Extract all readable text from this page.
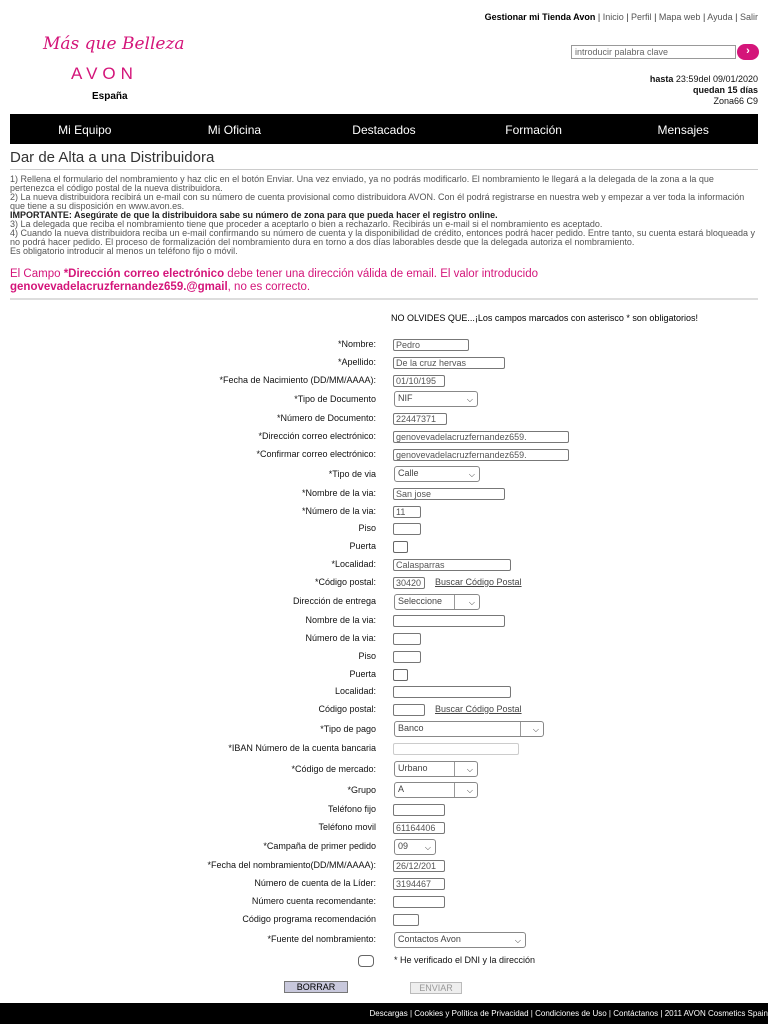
Gestionar mi Tienda Avon | Inicio | Perfil | Mapa web | Ayuda | Salir
Más que Belleza
AVON
España
introducir palabra clave	›
hasta 23:59del 09/01/2020
quedan 15 días
Zona66 C9
Mi Equipo	Mi Oficina	Destacados	Formación	Mensajes
Dar de Alta a una Distribuidora
1) Rellena el formulario del nombramiento y haz clic en el botón Enviar. Una vez enviado, ya no podrás modificarlo. El nombramiento le llegará a la delegada de la zona a la que pertenezca el código postal de la nueva distribuidora.
2) La nueva distribuidora recibirá un e-mail con su número de cuenta provisional como distribuidora AVON. Con él podrá registrarse en nuestra web y empezar a ver toda la información que tiene a su disposición en www.avon.es.
IMPORTANTE: Asegúrate de que la distribuidora sabe su número de zona para que pueda hacer el registro online.
3) La delegada que reciba el nombramiento tiene que proceder a aceptarlo o bien a rechazarlo. Recibirás un e-mail si el nombramiento es aceptado.
4) Cuando la nueva distribuidora reciba un e-mail confirmando su número de cuenta y la disponibilidad de crédito, entonces podrá hacer pedido. Entre tanto, su cuenta estará bloqueada y no podrá hacer pedido. El proceso de formalización del nombramiento dura en torno a dos días laborables desde que la delegada autoriza el nombramiento.
Es obligatorio introducir al menos un teléfono fijo o móvil.
El Campo *Dirección correo electrónico debe tener una dirección válida de email. El valor introducido
genovevadelacruzfernandez659.@gmail, no es correcto.
NO OLVIDES QUE...¡Los campos marcados con asterisco * son obligatorios!
*Nombre:	Pedro
*Apellido:	De la cruz hervas
*Fecha de Nacimiento (DD/MM/AAAA):	01/10/195
*Tipo de Documento	NIF	⌵
*Número de Documento:	22447371
*Dirección correo electrónico:	genovevadelacruzfernandez659.
*Confirmar correo electrónico:	genovevadelacruzfernandez659.
*Tipo de via	Calle	⌵
*Nombre de la via:	San jose
*Número de la via:	11
Piso
Puerta
*Localidad:	Calasparras
*Código postal:	30420	Buscar Código Postal
Dirección de entrega	Seleccione	⌵
Nombre de la via:
Número de la via:
Piso
Puerta
Localidad:
Código postal:	Buscar Código Postal
*Tipo de pago	Banco	⌵
*IBAN Número de la cuenta bancaria
*Código de mercado:	Urbano	⌵
*Grupo	A	⌵
Teléfono fijo
Teléfono movil	61164406
*Campaña de primer pedido	09 ⌵
*Fecha del nombramiento(DD/MM/AAAA):	26/12/201
Número de cuenta de la Líder:	3194467
Número cuenta recomendante:
Código programa recomendación
*Fuente del nombramiento:	Contactos Avon	⌵
* He verificado el DNI y la dirección
BORRAR	ENVIAR
Descargas | Cookies y Política de Privacidad | Condiciones de Uso | Contáctanos | 2011 AVON Cosmetics Spain
